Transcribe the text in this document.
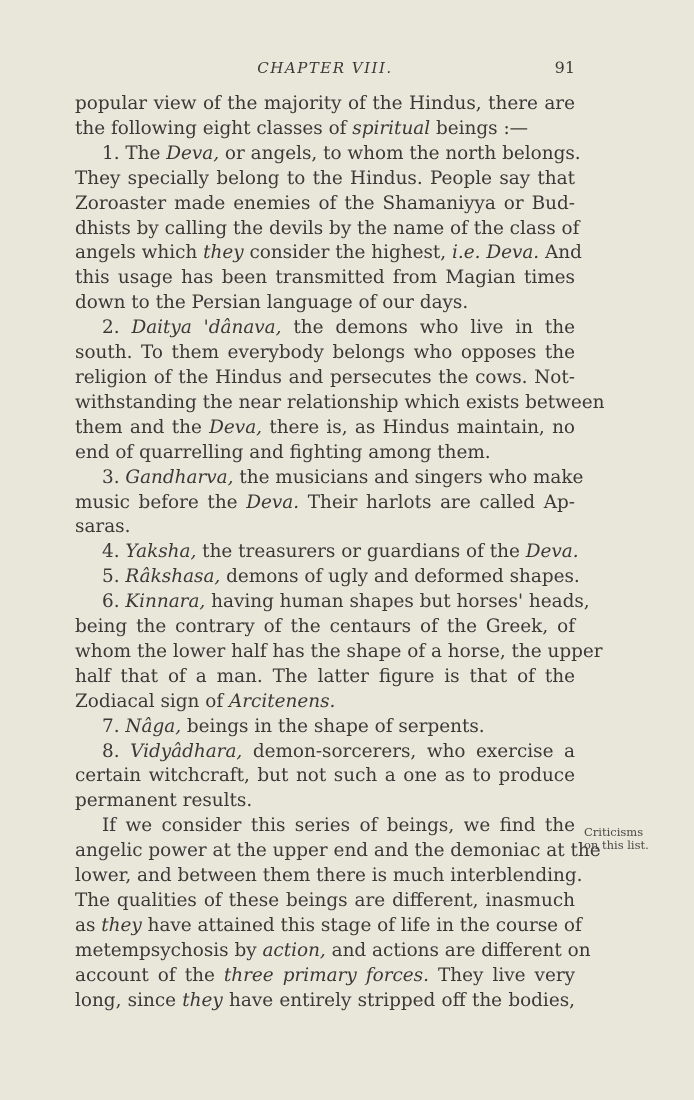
CHAPTER VIII.	91

popular view of the majority of the Hindus, there are
the following eight classes of spiritual beings :—

1. The Deva, or angels, to whom the north belongs.
They specially belong to the Hindus. People say that
Zoroaster made enemies of the Shamaniyya or Bud-
dhists by calling the devils by the name of the class of
angels which they consider the highest, i.e. Deva. And
this usage has been transmitted from Magian times
down to the Persian language of our days.

2. Daitya 'dânava, the demons who live in the
south. To them everybody belongs who opposes the
religion of the Hindus and persecutes the cows. Not-
withstanding the near relationship which exists between
them and the Deva, there is, as Hindus maintain, no
end of quarrelling and fighting among them.

3. Gandharva, the musicians and singers who make
music before the Deva. Their harlots are called Ap-
saras.

4. Yaksha, the treasurers or guardians of the Deva.

5. Râkshasa, demons of ugly and deformed shapes.

6. Kinnara, having human shapes but horses' heads,
being the contrary of the centaurs of the Greek, of
whom the lower half has the shape of a horse, the upper
half that of a man. The latter figure is that of the
Zodiacal sign of Arcitenens.

7. Nâga, beings in the shape of serpents.

8. Vidyâdhara, demon-sorcerers, who exercise a
certain witchcraft, but not such a one as to produce
permanent results.

If we consider this series of beings, we find the
angelic power at the upper end and the demoniac at the
lower, and between them there is much interblending.
The qualities of these beings are different, inasmuch
as they have attained this stage of life in the course of
metempsychosis by action, and actions are different on
account of the three primary forces. They live very
long, since they have entirely stripped off the bodies,

Criticisms
on this list.
